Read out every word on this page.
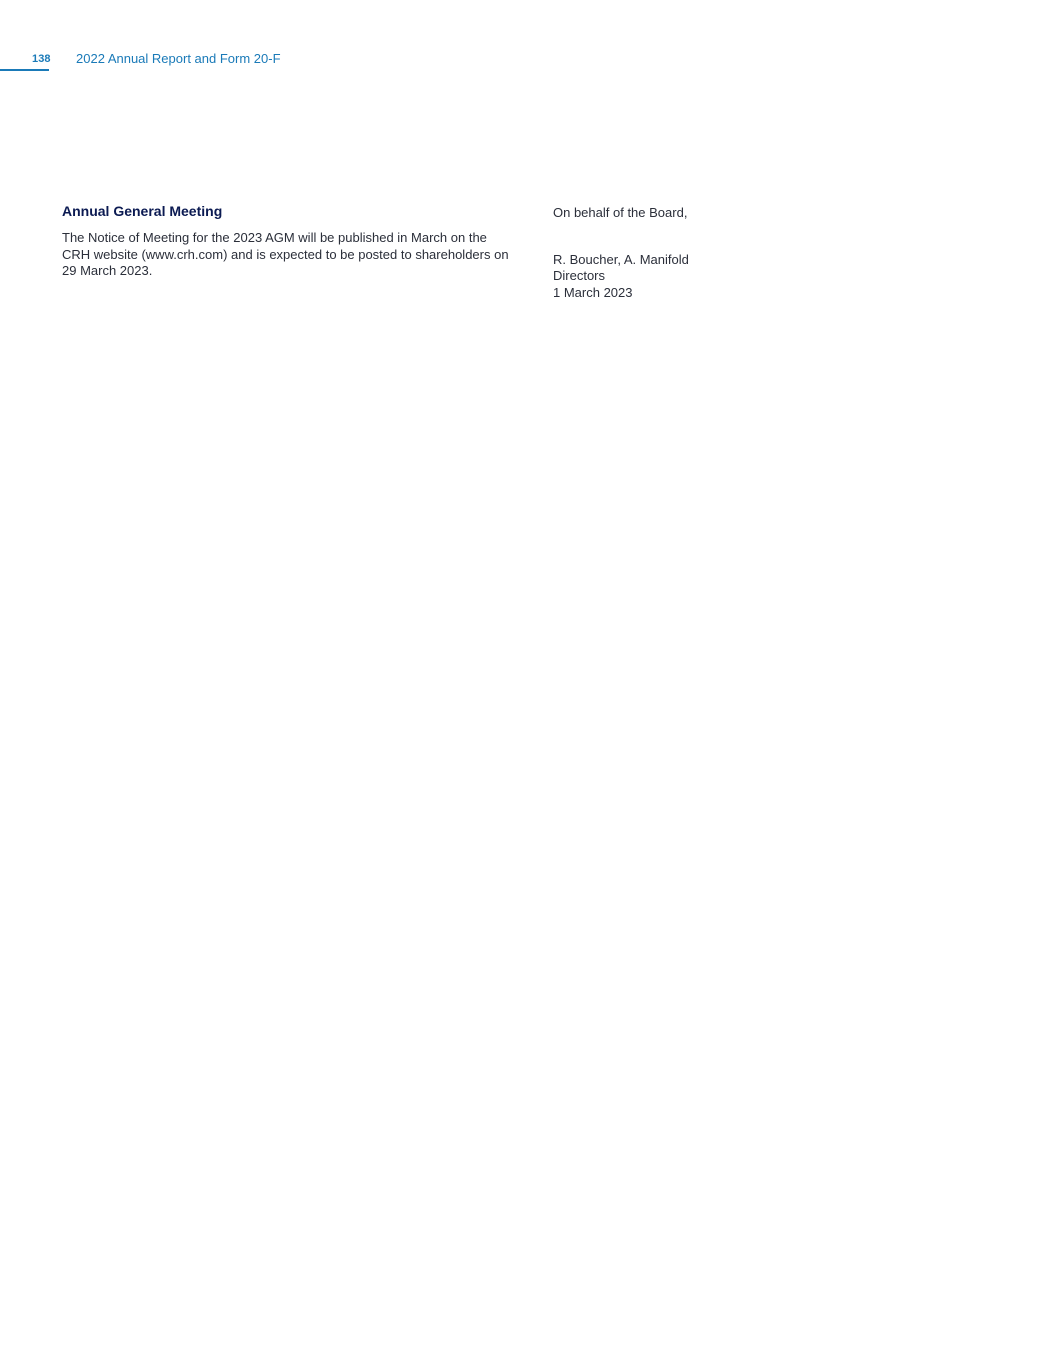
138 2022 Annual Report and Form 20-F
Annual General Meeting

The Notice of Meeting for the 2023 AGM will be published in March on the CRH website (www.crh.com) and is expected to be posted to shareholders on 29 March 2023.

On behalf of the Board,
R. Boucher, A. Manifold
Directors
1 March 2023
